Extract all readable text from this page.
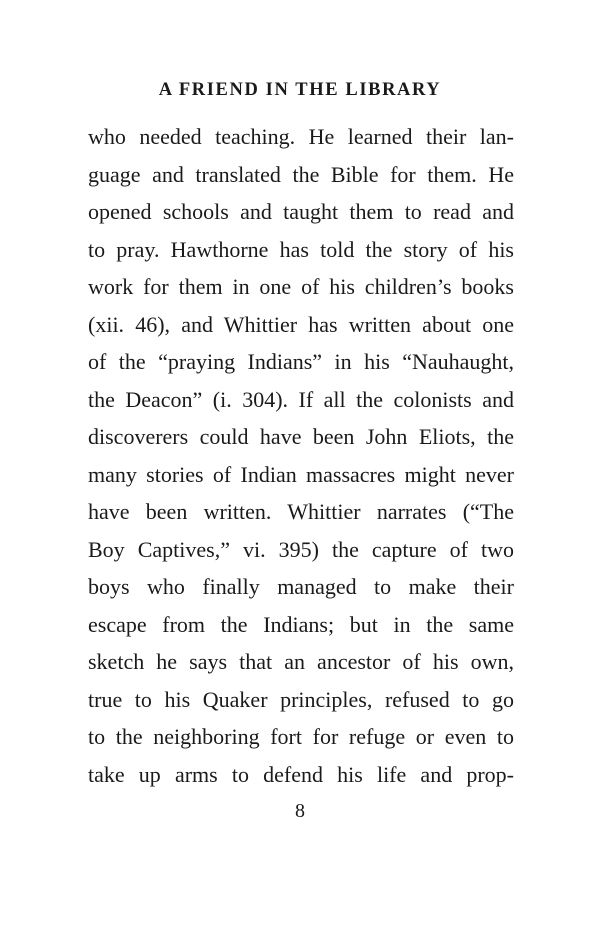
A FRIEND IN THE LIBRARY
who needed teaching. He learned their lan-
guage and translated the Bible for them. He
opened schools and taught them to read and
to pray. Hawthorne has told the story of his
work for them in one of his children’s books
(xii. 46), and Whittier has written about one
of the “praying Indians” in his “Nauhaught,
the Deacon” (i. 304). If all the colonists and
discoverers could have been John Eliots, the
many stories of Indian massacres might never
have been written. Whittier narrates (“The
Boy Captives,” vi. 395) the capture of two
boys who finally managed to make their
escape from the Indians; but in the same
sketch he says that an ancestor of his own,
true to his Quaker principles, refused to go
to the neighboring fort for refuge or even to
take up arms to defend his life and prop-
8
